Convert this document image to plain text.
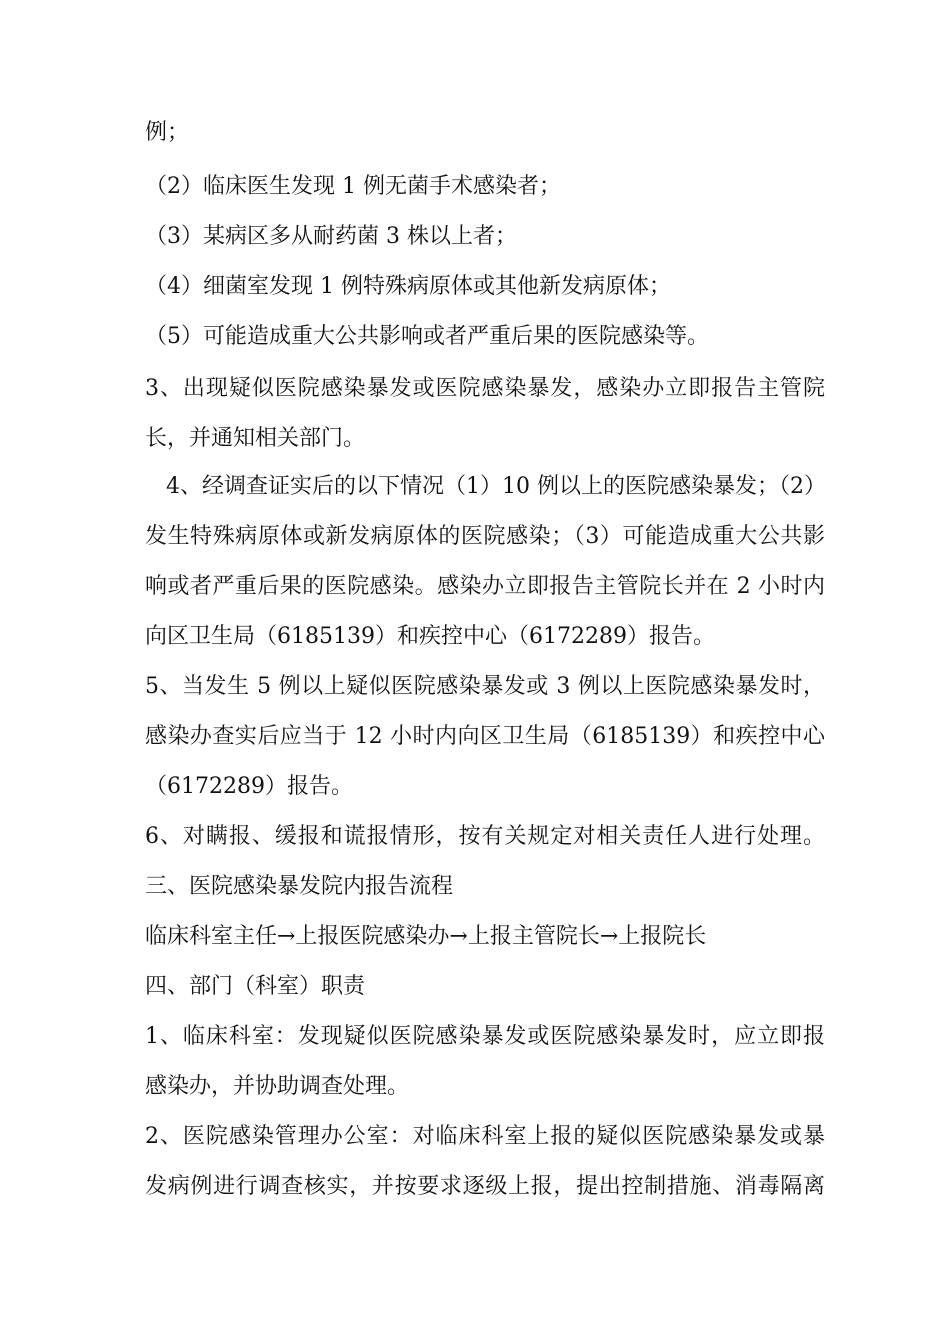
例；
（2）临床医生发现 1 例无菌手术感染者；
（3）某病区多从耐药菌 3 株以上者；
（4）细菌室发现 1 例特殊病原体或其他新发病原体；
（5）可能造成重大公共影响或者严重后果的医院感染等。
3、出现疑似医院感染暴发或医院感染暴发，感染办立即报告主管院
长，并通知相关部门。
4、经调查证实后的以下情况（1）10 例以上的医院感染暴发；（2）
发生特殊病原体或新发病原体的医院感染；（3）可能造成重大公共影
响或者严重后果的医院感染。感染办立即报告主管院长并在 2 小时内
向区卫生局（6185139）和疾控中心（6172289）报告。
5、当发生 5 例以上疑似医院感染暴发或 3 例以上医院感染暴发时，
感染办查实后应当于 12 小时内向区卫生局（6185139）和疾控中心
（6172289）报告。
6、对瞒报、缓报和谎报情形，按有关规定对相关责任人进行处理。
三、医院感染暴发院内报告流程
临床科室主任→上报医院感染办→上报主管院长→上报院长
四、部门（科室）职责
1、临床科室：发现疑似医院感染暴发或医院感染暴发时，应立即报
感染办，并协助调查处理。
2、医院感染管理办公室：对临床科室上报的疑似医院感染暴发或暴
发病例进行调查核实，并按要求逐级上报，提出控制措施、消毒隔离
